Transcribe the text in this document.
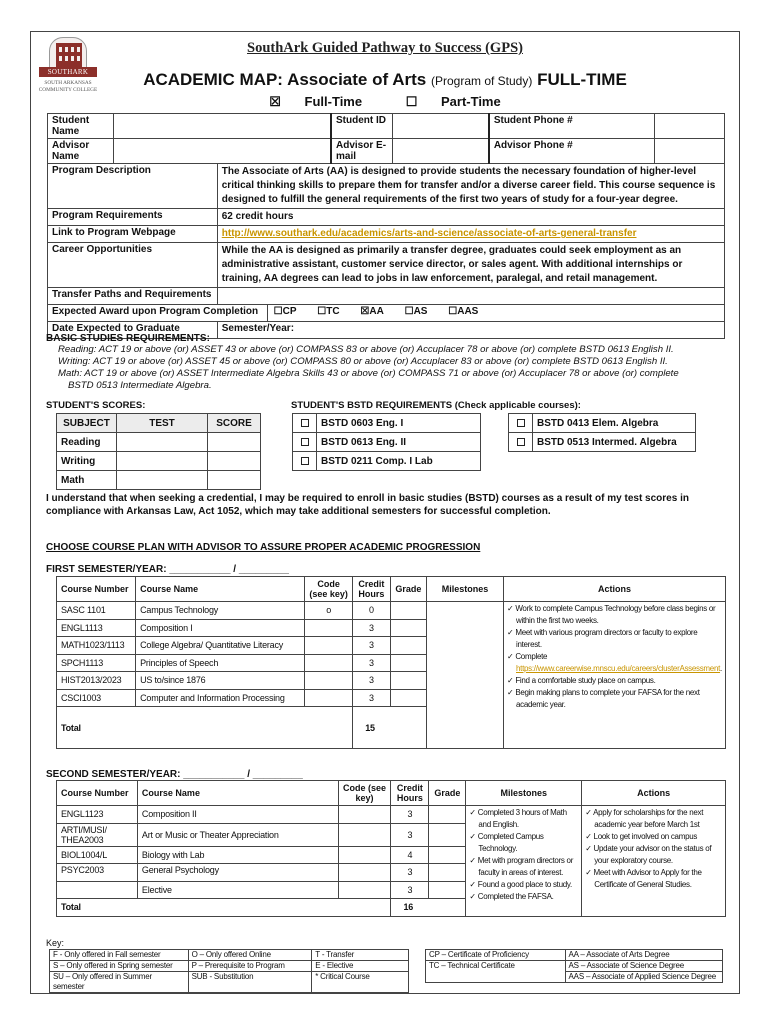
SOUTHARK
SOUTH ARKANSAS COMMUNITY COLLEGE
SouthArk Guided Pathway to Success (GPS)
ACADEMIC MAP: Associate of Arts (Program of Study) FULL-TIME
☒ Full-Time	☐ Part-Time
Student Name				Student ID		Student Phone #	
Advisor Name				Advisor E-mail		Advisor Phone #	
Program Description		The Associate of Arts (AA) is designed to provide students the necessary foundation of higher-level critical thinking skills to prepare them for transfer and/or a diverse career field. This course sequence is designed to fulfill the general requirements of the first two years of study for a four-year degree.					
Program Requirements		62 credit hours					
Link to Program Webpage		http://www.southark.edu/academics/arts-and-science/associate-of-arts-general-transfer					
Career Opportunities		While the AA is designed as primarily a transfer degree, graduates could seek employment as an administrative assistant, customer service director, or sales agent. With additional internships or training, AA degrees can lead to jobs in law enforcement, paralegal, and retail management.					
Transfer Paths and Requirements							
Expected Award upon Program Completion			☐CP ☐TC ☒AA ☐AS ☐AAS				
Date Expected to Graduate		Semester/Year:					
BASIC STUDIES REQUIREMENTS:

Reading: ACT 19 or above (or) ASSET 43 or above (or) COMPASS 83 or above (or) Accuplacer 78 or above (or) complete BSTD 0613 English II.

Writing: ACT 19 or above (or) ASSET 45 or above (or) COMPASS 80 or above (or) Accuplacer 83 or above (or) complete BSTD 0613 English II.

Math: ACT 19 or above (or) ASSET Intermediate Algebra Skills 43 or above (or) COMPASS 71 or above (or) Accuplacer 78 or above (or) complete

BSTD 0513 Intermediate Algebra.

STUDENT'S SCORES:
SUBJECT	TEST	SCORE
Reading		
Writing		
Math		
STUDENT'S BSTD REQUIREMENTS (Check applicable courses):
	BSTD 0603 Eng. I
	BSTD 0613 Eng. II
	BSTD 0211 Comp. I Lab
	BSTD 0413 Elem. Algebra
	BSTD 0513 Intermed. Algebra
I understand that when seeking a credential, I may be required to enroll in basic studies (BSTD) courses as a result of my test scores in compliance with Arkansas Law, Act 1052, which may take additional semesters for successful completion.
CHOOSE COURSE PLAN WITH ADVISOR TO ASSURE PROPER ACADEMIC PROGRESSION
FIRST SEMESTER/YEAR: ___________ / _________
Course Number	Course Name	Code (see key)	Credit Hours	Grade	Milestones	Actions
SASC 1101	Campus Technology	o	0			
✓Work to complete Campus Technology before class begins or within the first two weeks.
✓ Meet with various program directors or faculty to explore interest.
✓ Complete https://www.careerwise.mnscu.edu/careers/clusterAssessment.
✓ Find a comfortable study place on campus.
✓ Begin making plans to complete your FAFSA for the next academic year.

ENGL1113	Composition I		3			
MATH1023/1113	College Algebra/ Quantitative Literacy		3			
SPCH1113	Principles of Speech		3			
HIST2013/2023	US to/since 1876		3			
CSCI1003	Computer and Information Processing		3			
Total			15			
SECOND SEMESTER/YEAR: ___________ / _________
Course Number	Course Name	Code (see key)	Credit Hours	Grade	Milestones	Actions
ENGL1123	Composition II		3		
✓Completed 3 hours of Math and English.
✓ Completed Campus Technology.
✓ Met with program directors or faculty in areas of interest.
✓ Found a good place to study.
✓ Completed the FAFSA.

✓ Apply for scholarships for the next academic year before March 1st
✓ Look to get involved on campus
✓ Update your advisor on the status of your exploratory course.
✓ Meet with Advisor to Apply for the Certificate of General Studies.

ARTI/MUSI/ THEA2003	Art or Music or Theater Appreciation		3			
BIOL1004/L	Biology with Lab		4			
PSYC2003	General Psychology		3			
	Elective		3			
Total			16			
Key:
F - Only offered in Fall semester	O – Only offered Online	T - Transfer
S – Only offered in Spring semester	P – Prerequisite to Program	E - Elective
SU – Only offered in Summer semester	SUB - Substitution	* Critical Course
CP – Certificate of Proficiency	AA – Associate of Arts Degree
TC – Technical Certificate	AS – Associate of Science Degree
	AAS – Associate of Applied Science Degree
